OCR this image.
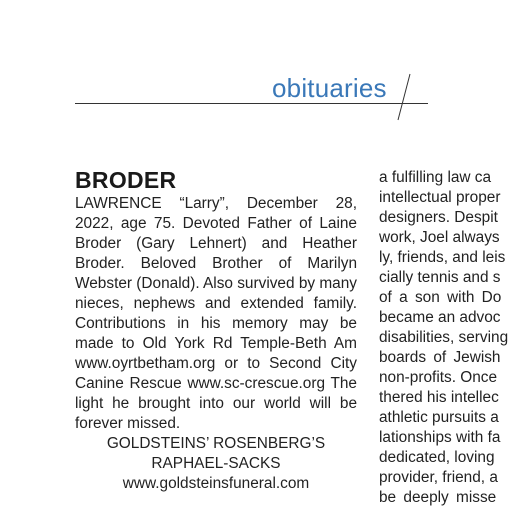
obituaries
BRODER

LAWRENCE “Larry”, December 28, 2022, age 75. Devoted Father of Laine Broder (Gary Lehnert) and Heather Broder. Beloved Brother of Marilyn Webster (Donald). Also survived by many nieces, nephews and extended family. Contributions in his memory may be made to Old York Rd Temple-Beth Am www.oyrtbetham.org or to Second City Canine Rescue www.sc-crescue.org The light he brought into our world will be forever missed.

GOLDSTEINS’ ROSENBERG’S
RAPHAEL-SACKS
www.goldsteinsfuneral.com
a fulfilling law ca
intellectual proper
designers. Despit
work, Joel always
ly, friends, and leis
cially tennis and s
of a son with Do
became an advoc
disabilities, serving
boards of Jewish
non-profits. Once
thered his intellec
athletic pursuits a
lationships with fa
dedicated, loving
provider, friend, a
be deeply misse
